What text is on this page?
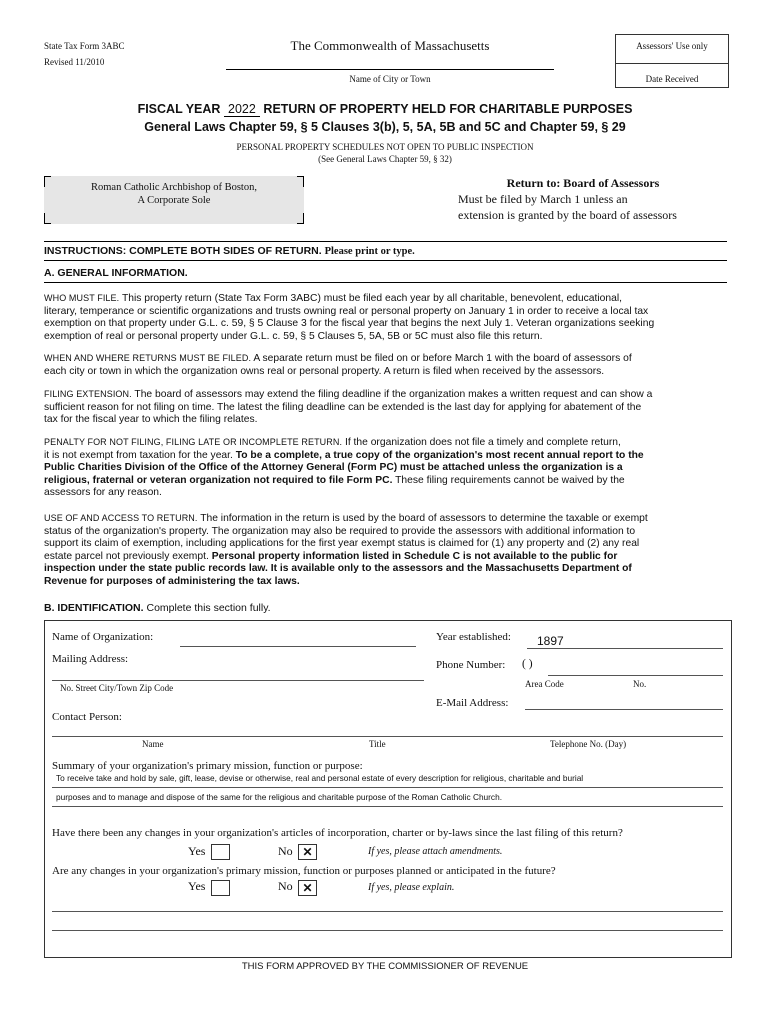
State Tax Form 3ABC
Revised 11/2010
The Commonwealth of Massachusetts
Name of City or Town
Assessors' Use only
Date Received
FISCAL YEAR 2022 RETURN OF PROPERTY HELD FOR CHARITABLE PURPOSES
General Laws Chapter 59, § 5 Clauses 3(b), 5, 5A, 5B and 5C and Chapter 59, § 29
PERSONAL PROPERTY SCHEDULES NOT OPEN TO PUBLIC INSPECTION
(See General Laws Chapter 59, § 32)
Roman Catholic Archbishop of Boston,
A Corporate Sole
Return to: Board of Assessors
Must be filed by March 1 unless an
extension is granted by the board of assessors
INSTRUCTIONS: COMPLETE BOTH SIDES OF RETURN. Please print or type.
A. GENERAL INFORMATION.
WHO MUST FILE. This property return (State Tax Form 3ABC) must be filed each year by all charitable, benevolent, educational,
literary, temperance or scientific organizations and trusts owning real or personal property on January 1 in order to receive a local tax
exemption on that property under G.L. c. 59, § 5 Clause 3 for the fiscal year that begins the next July 1. Veteran organizations seeking
exemption of real or personal property under G.L. c. 59, § 5 Clauses 5, 5A, 5B or 5C must also file this return.
WHEN AND WHERE RETURNS MUST BE FILED. A separate return must be filed on or before March 1 with the board of assessors of
each city or town in which the organization owns real or personal property. A return is filed when received by the assessors.
FILING EXTENSION. The board of assessors may extend the filing deadline if the organization makes a written request and can show a
sufficient reason for not filing on time. The latest the filing deadline can be extended is the last day for applying for abatement of the
tax for the fiscal year to which the filing relates.
PENALTY FOR NOT FILING, FILING LATE OR INCOMPLETE RETURN. If the organization does not file a timely and complete return,
it is not exempt from taxation for the year. To be a complete, a true copy of the organization's most recent annual report to the
Public Charities Division of the Office of the Attorney General (Form PC) must be attached unless the organization is a
religious, fraternal or veteran organization not required to file Form PC. These filing requirements cannot be waived by the
assessors for any reason.
USE OF AND ACCESS TO RETURN. The information in the return is used by the board of assessors to determine the taxable or exempt
status of the organization's property. The organization may also be required to provide the assessors with additional information to
support its claim of exemption, including applications for the first year exempt status is claimed for (1) any property and (2) any real
estate parcel not previously exempt. Personal property information listed in Schedule C is not available to the public for
inspection under the state public records law. It is available only to the assessors and the Massachusetts Department of
Revenue for purposes of administering the tax laws.
B. IDENTIFICATION. Complete this section fully.
Name of Organization:
Mailing Address:
No. Street City/Town Zip Code
Year established: 1897
Phone Number: ( )
Area Code	No.
E-Mail Address:
Contact Person:
Name	Title	Telephone No. (Day)
Summary of your organization's primary mission, function or purpose:
To receive take and hold by sale, gift, lease, devise or otherwise, real and personal estate of every description for religious, charitable and burial
purposes and to manage and dispose of the same for the religious and charitable purpose of the Roman Catholic Church.
Have there been any changes in your organization's articles of incorporation, charter or by-laws since the last filing of this return?
Yes	No ✕	If yes, please attach amendments.
Are any changes in your organization's primary mission, function or purposes planned or anticipated in the future?
Yes	No ✕	If yes, please explain.
THIS FORM APPROVED BY THE COMMISSIONER OF REVENUE
